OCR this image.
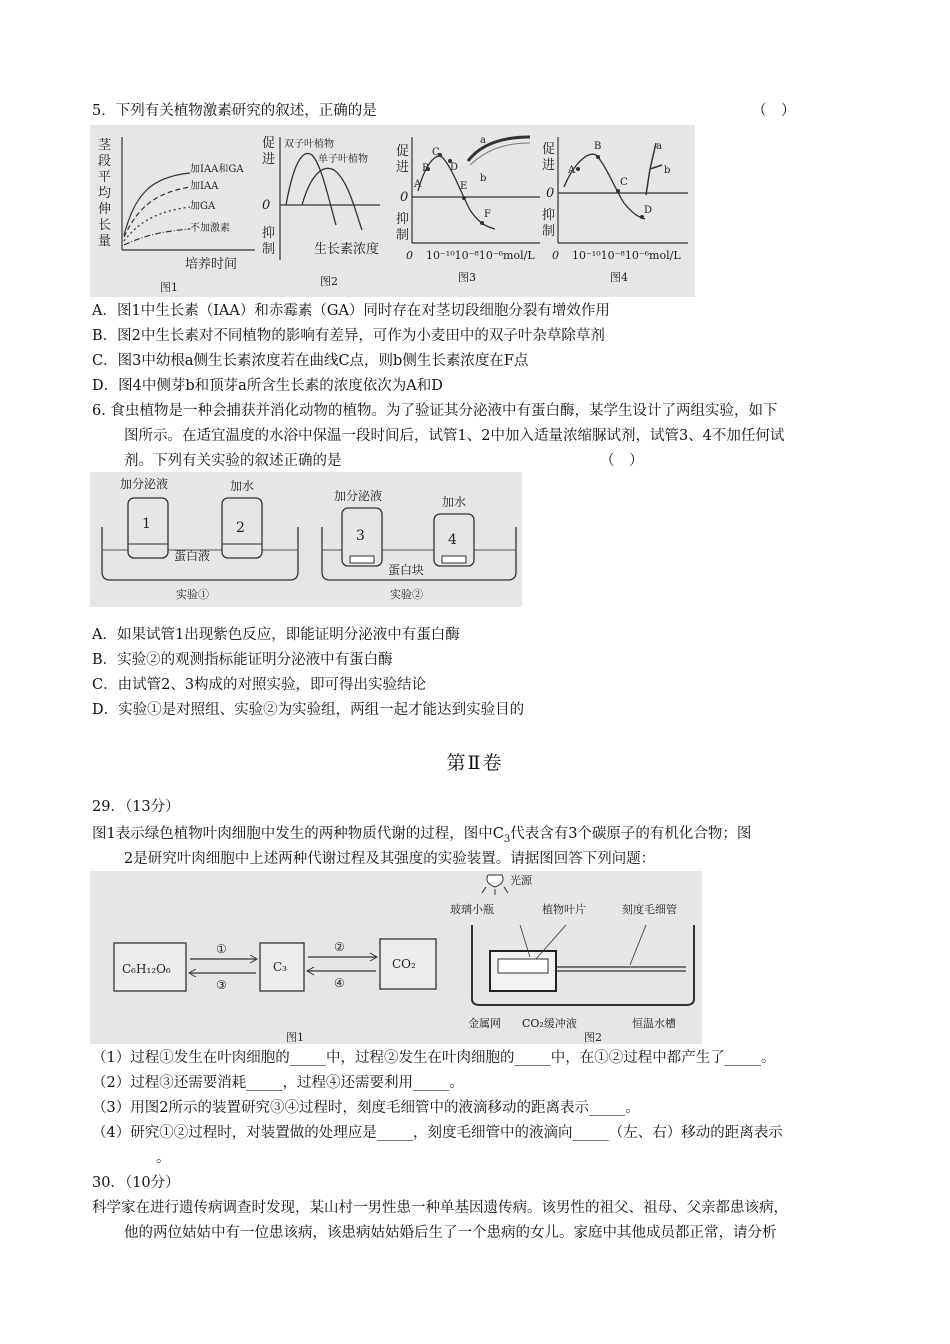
5．下列有关植物激素研究的叙述，正确的是	（　）
茎
段
平
均
伸
长
量
加IAA和GA
加IAA
加GA
不加激素
培养时间
图1
促
进
0
抑
制
双子叶植物
单子叶植物
生长素浓度
图2
促
进
0
抑
制
A
B
C
D
E
F
a
b
0 10⁻¹⁰10⁻⁸10⁻⁶mol/L
图3
促
进
0
抑
制
A
B
C
D
a
b
0 10⁻¹⁰10⁻⁸10⁻⁶mol/L
图4
A．图1中生长素（IAA）和赤霉素（GA）同时存在对茎切段细胞分裂有增效作用
B．图2中生长素对不同植物的影响有差异，可作为小麦田中的双子叶杂草除草剂
C．图3中幼根a侧生长素浓度若在曲线C点，则b侧生长素浓度在F点
D．图4中侧芽b和顶芽a所含生长素的浓度依次为A和D
6. 食虫植物是一种会捕获并消化动物的植物。为了验证其分泌液中有蛋白酶，某学生设计了两组实验，如下
图所示。在适宜温度的水浴中保温一段时间后，试管1、2中加入适量浓缩脲试剂，试管3、4不加任何试
剂。下列有关实验的叙述正确的是	（　）
加分泌液	加水
1	2
蛋白液
实验①
加分泌液	加水
3	4
蛋白块
实验②
A．如果试管1出现紫色反应，即能证明分泌液中有蛋白酶
B．实验②的观测指标能证明分泌液中有蛋白酶
C．由试管2、3构成的对照实验，即可得出实验结论
D．实验①是对照组、实验②为实验组，两组一起才能达到实验目的
第Ⅱ卷
29．（13分）
图1表示绿色植物叶肉细胞中发生的两种物质代谢的过程，图中$C_3$代表含有3个碳原子的有机化合物；图
2是研究叶肉细胞中上述两种代谢过程及其强度的实验装置。请据图回答下列问题：
C₆H₁₂O₆	C₃	CO₂
①
③
②
④
图1
光源
玻璃小瓶	植物叶片	刻度毛细管
金属网 CO₂缓冲液	恒温水槽
图2
（1）过程①发生在叶肉细胞的_____中，过程②发生在叶肉细胞的_____中，在①②过程中都产生了_____。
（2）过程③还需要消耗_____，过程④还需要利用_____。
（3）用图2所示的装置研究③④过程时，刻度毛细管中的液滴移动的距离表示_____。
（4）研究①②过程时，对装置做的处理应是_____，刻度毛细管中的液滴向_____（左、右）移动的距离表示
。
30．（10分）
科学家在进行遗传病调查时发现，某山村一男性患一种单基因遗传病。该男性的祖父、祖母、父亲都患该病，
他的两位姑姑中有一位患该病，该患病姑姑婚后生了一个患病的女儿。家庭中其他成员都正常，请分析
